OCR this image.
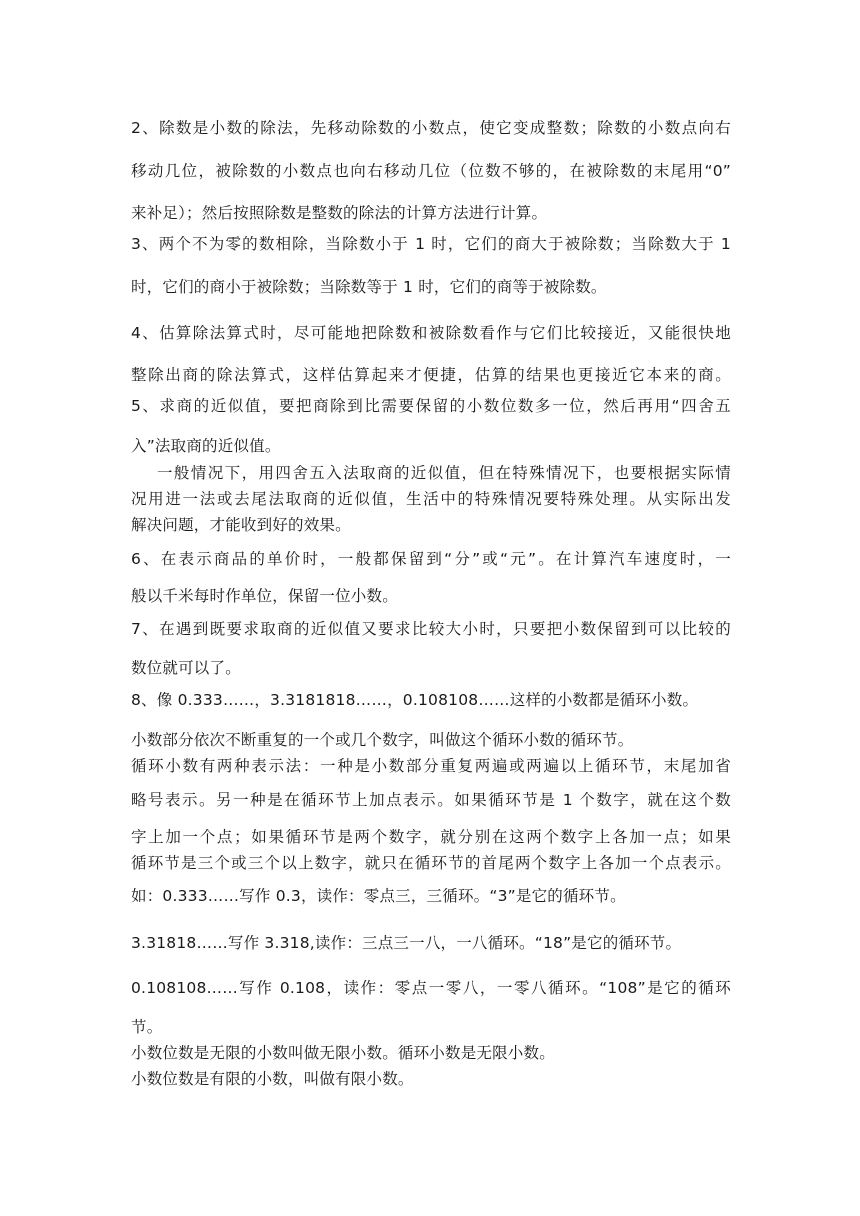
2、除数是小数的除法，先移动除数的小数点，使它变成整数；除数的小数点向右
移动几位，被除数的小数点也向右移动几位（位数不够的，在被除数的末尾用“0”
来补足）；然后按照除数是整数的除法的计算方法进行计算。
3、两个不为零的数相除，当除数小于 1 时，它们的商大于被除数；当除数大于 1
时，它们的商小于被除数；当除数等于 1 时，它们的商等于被除数。
4、估算除法算式时，尽可能地把除数和被除数看作与它们比较接近，又能很快地
整除出商的除法算式，这样估算起来才便捷，估算的结果也更接近它本来的商。
5、求商的近似值，要把商除到比需要保留的小数位数多一位，然后再用“四舍五
入”法取商的近似值。
一般情况下，用四舍五入法取商的近似值，但在特殊情况下，也要根据实际情
况用进一法或去尾法取商的近似值，生活中的特殊情况要特殊处理。从实际出发
解决问题，才能收到好的效果。
6、在表示商品的单价时，一般都保留到“分”或“元”。在计算汽车速度时，一
般以千米每时作单位，保留一位小数。
7、在遇到既要求取商的近似值又要求比较大小时，只要把小数保留到可以比较的
数位就可以了。
8、像 0.333……，3.3181818……，0.108108……这样的小数都是循环小数。
小数部分依次不断重复的一个或几个数字，叫做这个循环小数的循环节。
循环小数有两种表示法：一种是小数部分重复两遍或两遍以上循环节，末尾加省
略号表示。另一种是在循环节上加点表示。如果循环节是 1 个数字，就在这个数
字上加一个点；如果循环节是两个数字，就分别在这两个数字上各加一点；如果
循环节是三个或三个以上数字，就只在循环节的首尾两个数字上各加一个点表示。
如：0.333……写作 0.3，读作：零点三，三循环。“3”是它的循环节。
3.31818……写作 3.318,读作：三点三一八，一八循环。“18”是它的循环节。
0.108108……写作 0.108，读作：零点一零八，一零八循环。“108”是它的循环
节。
小数位数是无限的小数叫做无限小数。循环小数是无限小数。
小数位数是有限的小数，叫做有限小数。
